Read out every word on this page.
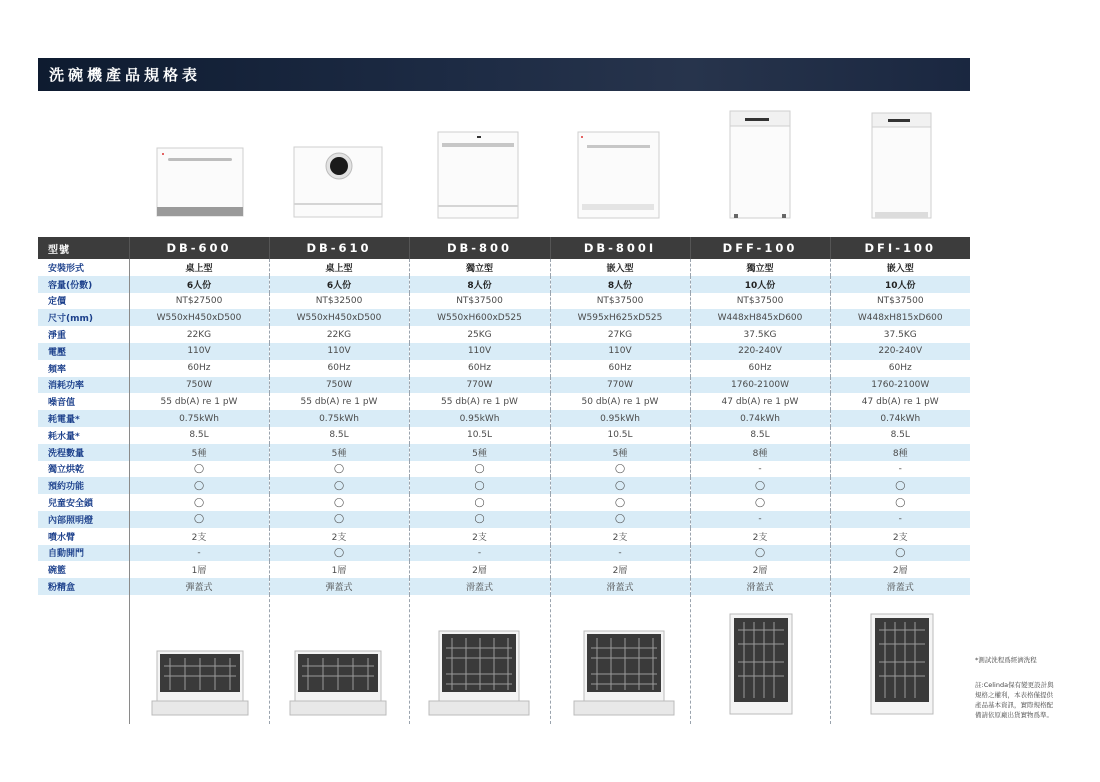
洗碗機產品規格表
型號	DB-600	DB-610	DB-800	DB-800I	DFF-100	DFI-100
安裝形式	桌上型	桌上型	獨立型	嵌入型	獨立型	嵌入型
容量(份數)	6人份	6人份	8人份	8人份	10人份	10人份
定價	NT$27500	NT$32500	NT$37500	NT$37500	NT$37500	NT$37500
尺寸(mm)	W550xH450xD500	W550xH450xD500	W550xH600xD525	W595xH625xD525	W448xH845xD600	W448xH815xD600
淨重	22KG	22KG	25KG	27KG	37.5KG	37.5KG
電壓	110V	110V	110V	110V	220-240V	220-240V
頻率	60Hz	60Hz	60Hz	60Hz	60Hz	60Hz
消耗功率	750W	750W	770W	770W	1760-2100W	1760-2100W
噪音值	55 db(A) re 1 pW	55 db(A) re 1 pW	55 db(A) re 1 pW	50 db(A) re 1 pW	47 db(A) re 1 pW	47 db(A) re 1 pW
耗電量*	0.75kWh	0.75kWh	0.95kWh	0.95kWh	0.74kWh	0.74kWh
耗水量*	8.5L	8.5L	10.5L	10.5L	8.5L	8.5L
洗程數量	5種	5種	5種	5種	8種	8種
獨立烘乾	◯	◯	◯	◯	-	-
預約功能	◯	◯	◯	◯	◯	◯
兒童安全鎖	◯	◯	◯	◯	◯	◯
內部照明燈	◯	◯	◯	◯	-	-
噴水臂	2支	2支	2支	2支	2支	2支
自動開門	-	◯	-	-	◯	◯
碗籃	1層	1層	2層	2層	2層	2層
粉精盒	彈蓋式	彈蓋式	滑蓋式	滑蓋式	滑蓋式	滑蓋式
*測試洗程爲經濟洗程
註:Celinda保有變更設計與
規格之權利，本表格僅提供
產品基本資訊，實際規格配
備請依原廠出貨實物爲準。
